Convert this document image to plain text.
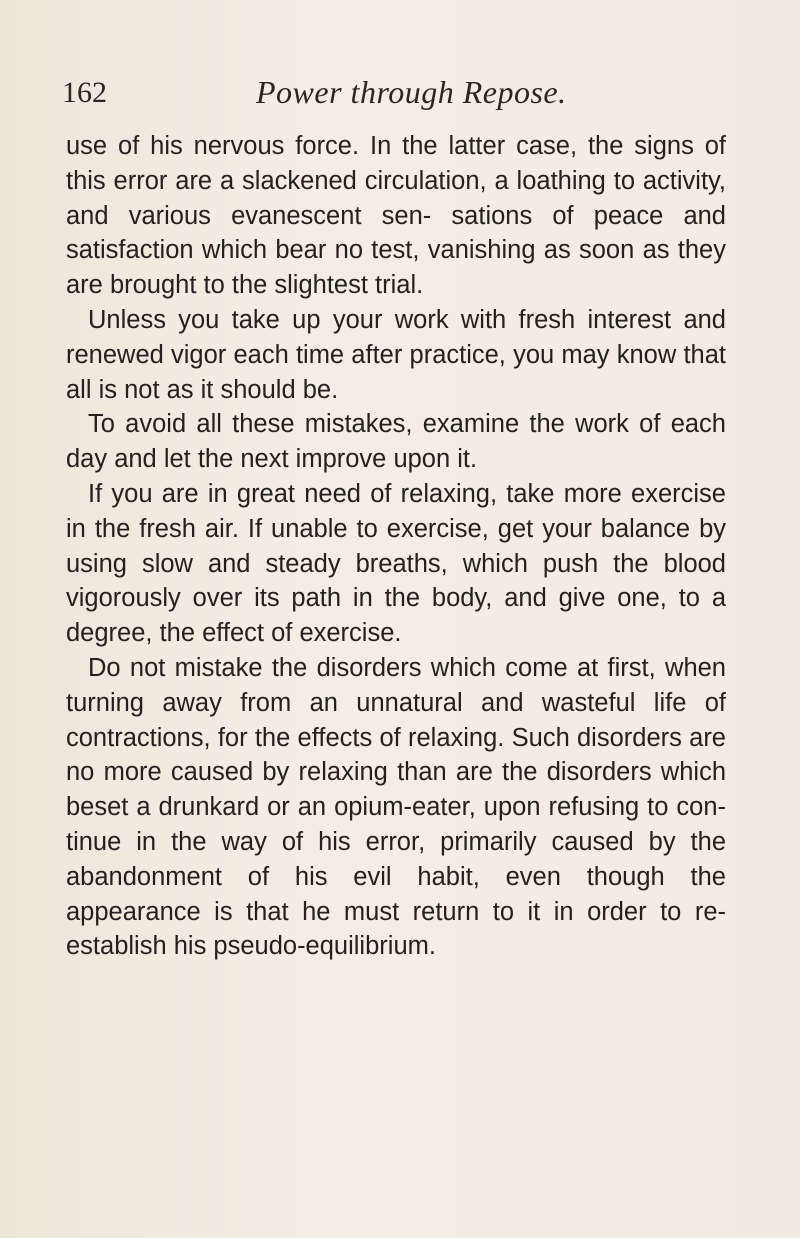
162	Power through Repose.

use of his nervous force. In the latter case, the signs of this error are a slackened circulation, a loathing to activity, and various evanescent sen- sations of peace and satisfaction which bear no test, vanishing as soon as they are brought to the slightest trial.

Unless you take up your work with fresh interest and renewed vigor each time after practice, you may know that all is not as it should be.

To avoid all these mistakes, examine the work of each day and let the next improve upon it.

If you are in great need of relaxing, take more exercise in the fresh air. If unable to exercise, get your balance by using slow and steady breaths, which push the blood vigorously over its path in the body, and give one, to a degree, the effect of exercise.

Do not mistake the disorders which come at first, when turning away from an unnatural and wasteful life of contractions, for the effects of relaxing. Such disorders are no more caused by relaxing than are the disorders which beset a drunkard or an opium-eater, upon refusing to con- tinue in the way of his error, primarily caused by the abandonment of his evil habit, even though the appearance is that he must return to it in order to re-establish his pseudo-equilibrium.
